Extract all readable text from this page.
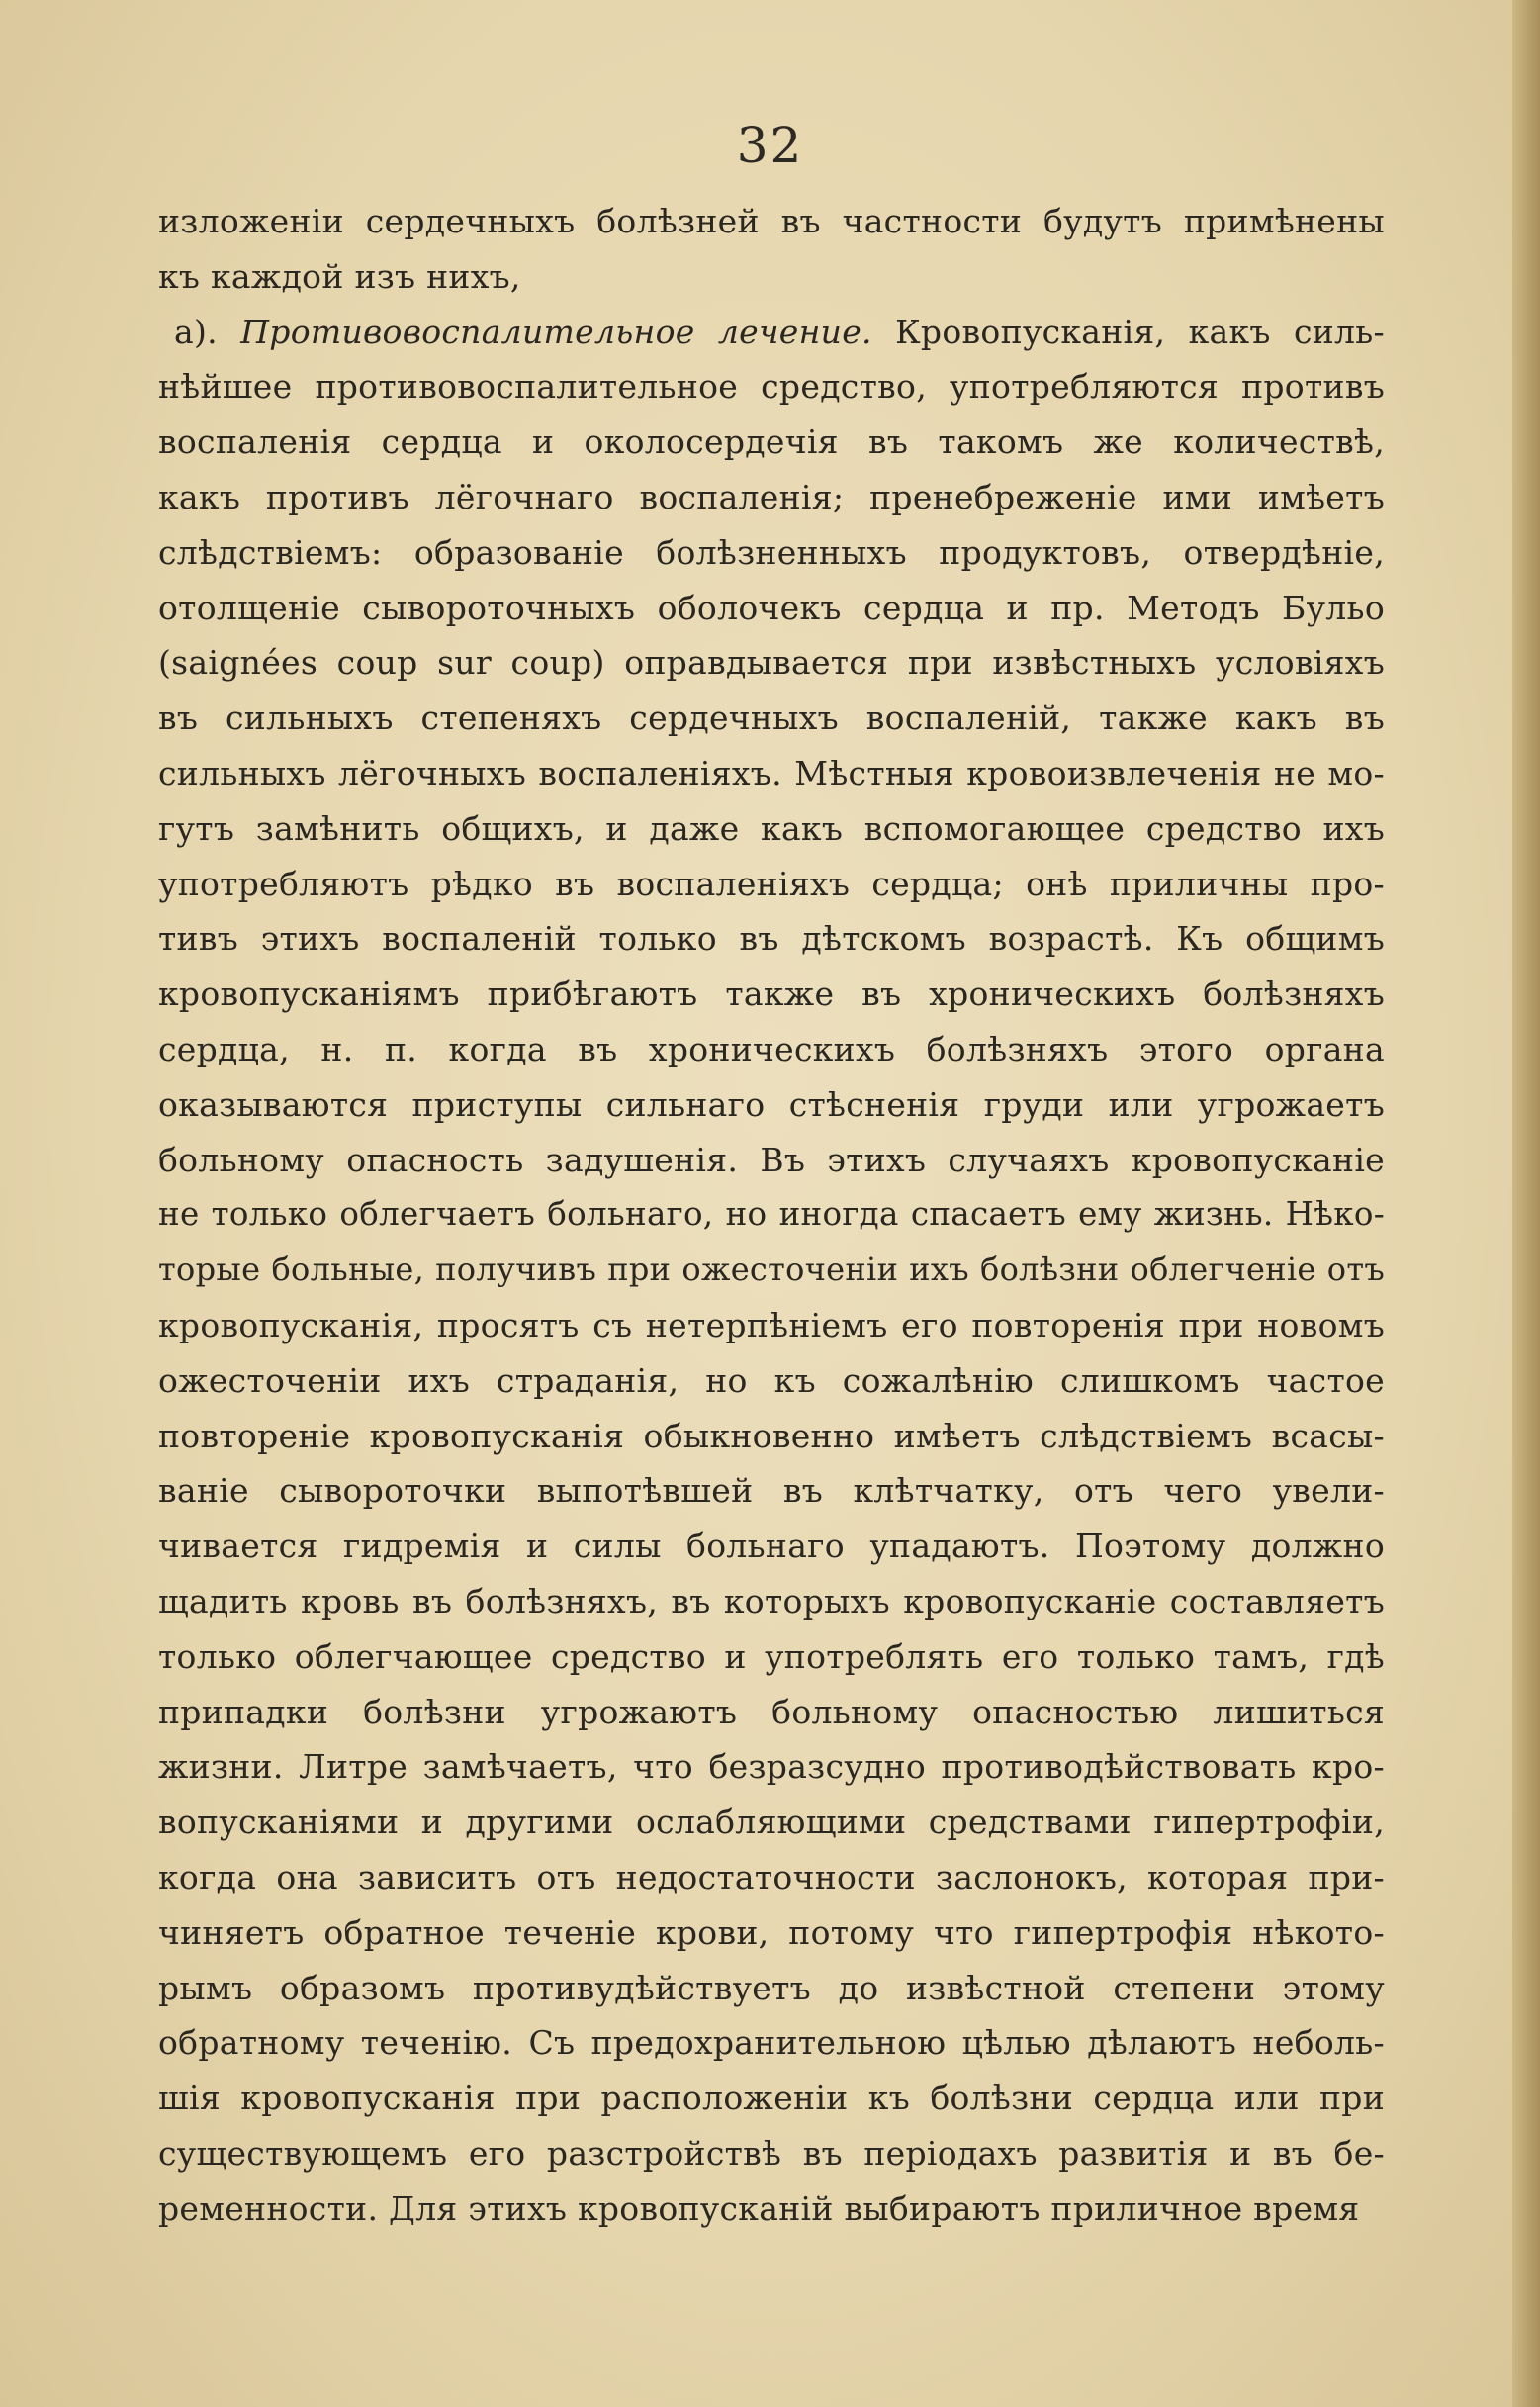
32
изложенiи сердечныхъ болѣзней въ частности будутъ примѣнены
къ каждой изъ нихъ,
а). Противовоспалительное лечение. Кровопусканiя, какъ силь-
нѣйшее противовоспалительное средство, употребляются противъ
воспаленiя сердца и околосердечiя въ такомъ же количествѣ,
какъ противъ лёгочнаго воспаленiя; пренебреженiе ими имѣетъ
слѣдствiемъ: образованiе болѣзненныхъ продуктовъ, отвердѣнiе,
отолщенiе сывороточныхъ оболочекъ сердца и пр. Методъ Бульо
(saignées coup sur coup) оправдывается при извѣстныхъ условiяхъ
въ сильныхъ степеняхъ сердечныхъ воспаленiй, также какъ въ
сильныхъ лёгочныхъ воспаленiяхъ. Мѣстныя кровоизвлеченiя не мо-
гутъ замѣнить общихъ, и даже какъ вспомогающее средство ихъ
употребляютъ рѣдко въ воспаленiяхъ сердца; онѣ приличны про-
тивъ этихъ воспаленiй только въ дѣтскомъ возрастѣ. Къ общимъ
кровопусканiямъ прибѣгаютъ также въ хроническихъ болѣзняхъ
сердца, н. п. когда въ хроническихъ болѣзняхъ этого органа
оказываются приступы сильнаго стѣсненiя груди или угрожаетъ
больному опасность задушенiя. Въ этихъ случаяхъ кровопусканiе
не только облегчаетъ больнаго, но иногда спасаетъ ему жизнь. Нѣко-
торые больные, получивъ при ожесточенiи ихъ болѣзни облегченiе отъ
кровопусканiя, просятъ съ нетерпѣнiемъ его повторенiя при новомъ
ожесточенiи ихъ страданiя, но къ сожалѣнiю слишкомъ частое
повторенiе кровопусканiя обыкновенно имѣетъ слѣдствiемъ всасы-
ванiе сывороточки выпотѣвшей въ клѣтчатку, отъ чего увели-
чивается гидремiя и силы больнаго упадаютъ. Поэтому должно
щадить кровь въ болѣзняхъ, въ которыхъ кровопусканiе составляетъ
только облегчающее средство и употреблять его только тамъ, гдѣ
припадки болѣзни угрожаютъ больному опасностью лишиться
жизни. Литре замѣчаетъ, что безразсудно противодѣйствовать кро-
вопусканiями и другими ослабляющими средствами гипертрофiи,
когда она зависитъ отъ недостаточности заслонокъ, которая при-
чиняетъ обратное теченiе крови, потому что гипертрофiя нѣкото-
рымъ образомъ противудѣйствуетъ до извѣстной степени этому
обратному теченiю. Съ предохранительною цѣлью дѣлаютъ неболь-
шiя кровопусканiя при расположенiи къ болѣзни сердца или при
существующемъ его разстройствѣ въ перiодахъ развитiя и въ бе-
ременности. Для этихъ кровопусканiй выбираютъ приличное время
